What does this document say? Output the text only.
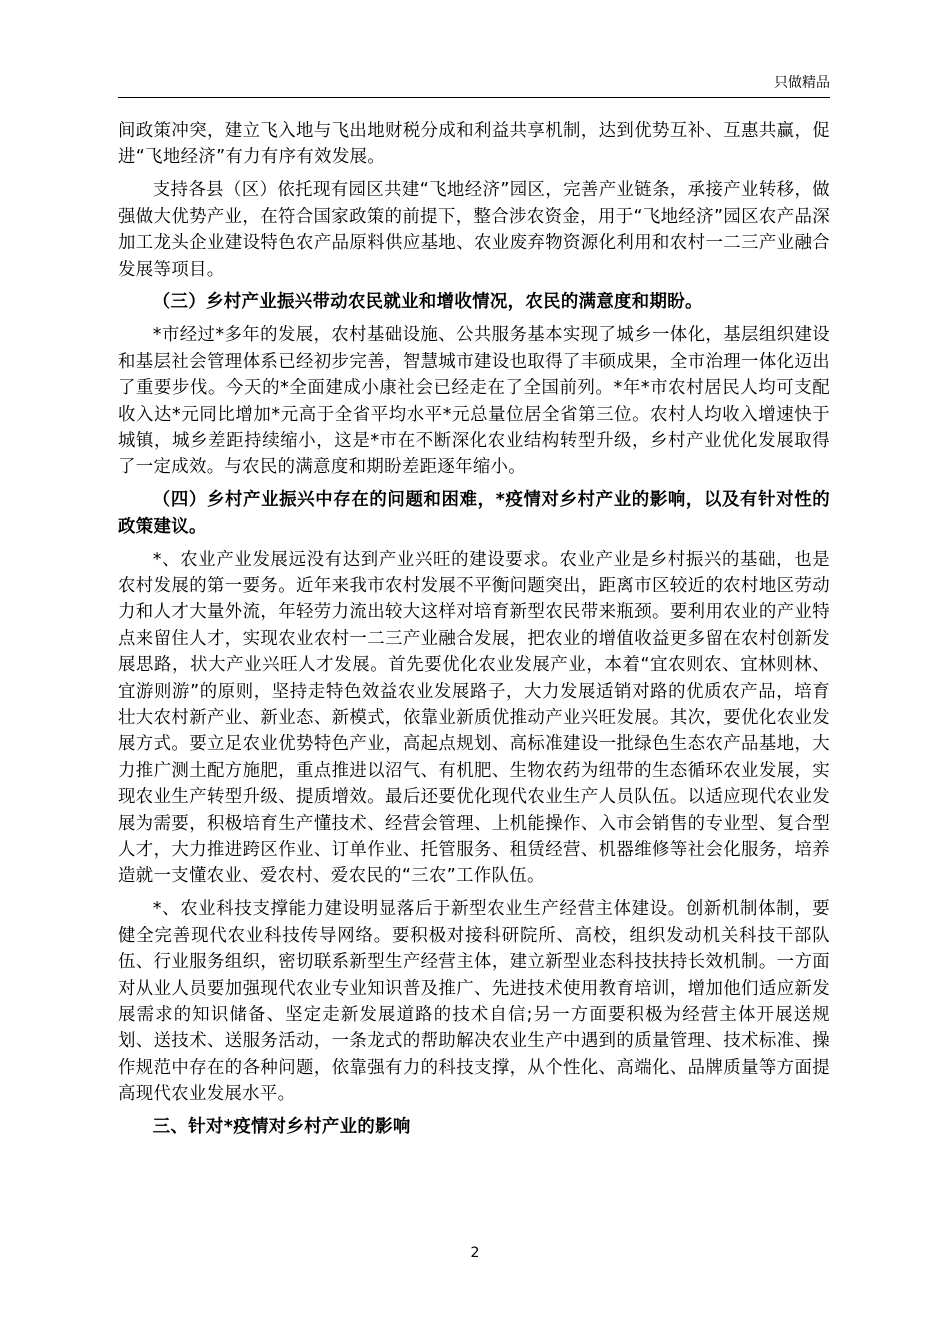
只做精品

间政策冲突，建立飞入地与飞出地财税分成和利益共享机制，达到优势互补、互惠共赢，促进“飞地经济”有力有序有效发展。

支持各县（区）依托现有园区共建“飞地经济”园区，完善产业链条，承接产业转移，做强做大优势产业，在符合国家政策的前提下，整合涉农资金，用于“飞地经济”园区农产品深加工龙头企业建设特色农产品原料供应基地、农业废弃物资源化利用和农村一二三产业融合发展等项目。

（三）乡村产业振兴带动农民就业和增收情况，农民的满意度和期盼。

*市经过*多年的发展，农村基础设施、公共服务基本实现了城乡一体化，基层组织建设和基层社会管理体系已经初步完善，智慧城市建设也取得了丰硕成果，全市治理一体化迈出了重要步伐。今天的*全面建成小康社会已经走在了全国前列。*年*市农村居民人均可支配收入达*元同比增加*元高于全省平均水平*元总量位居全省第三位。农村人均收入增速快于城镇，城乡差距持续缩小，这是*市在不断深化农业结构转型升级，乡村产业优化发展取得了一定成效。与农民的满意度和期盼差距逐年缩小。

（四）乡村产业振兴中存在的问题和困难，*疫情对乡村产业的影响，以及有针对性的政策建议。

*、农业产业发展远没有达到产业兴旺的建设要求。农业产业是乡村振兴的基础，也是农村发展的第一要务。近年来我市农村发展不平衡问题突出，距离市区较近的农村地区劳动力和人才大量外流，年轻劳力流出较大这样对培育新型农民带来瓶颈。要利用农业的产业特点来留住人才，实现农业农村一二三产业融合发展，把农业的增值收益更多留在农村创新发展思路，状大产业兴旺人才发展。首先要优化农业发展产业，本着“宜农则农、宜林则林、宜游则游”的原则，坚持走特色效益农业发展路子，大力发展适销对路的优质农产品，培育壮大农村新产业、新业态、新模式，依靠业新质优推动产业兴旺发展。其次，要优化农业发展方式。要立足农业优势特色产业，高起点规划、高标准建设一批绿色生态农产品基地，大力推广测土配方施肥，重点推进以沼气、有机肥、生物农药为纽带的生态循环农业发展，实现农业生产转型升级、提质增效。最后还要优化现代农业生产人员队伍。以适应现代农业发展为需要，积极培育生产懂技术、经营会管理、上机能操作、入市会销售的专业型、复合型人才，大力推进跨区作业、订单作业、托管服务、租赁经营、机器维修等社会化服务，培养造就一支懂农业、爱农村、爱农民的“三农”工作队伍。

*、农业科技支撑能力建设明显落后于新型农业生产经营主体建设。创新机制体制，要健全完善现代农业科技传导网络。要积极对接科研院所、高校，组织发动机关科技干部队伍、行业服务组织，密切联系新型生产经营主体，建立新型业态科技扶持长效机制。一方面对从业人员要加强现代农业专业知识普及推广、先进技术使用教育培训，增加他们适应新发展需求的知识储备、坚定走新发展道路的技术自信;另一方面要积极为经营主体开展送规划、送技术、送服务活动，一条龙式的帮助解决农业生产中遇到的质量管理、技术标准、操作规范中存在的各种问题，依靠强有力的科技支撑，从个性化、高端化、品牌质量等方面提高现代农业发展水平。

三、针对*疫情对乡村产业的影响

2
